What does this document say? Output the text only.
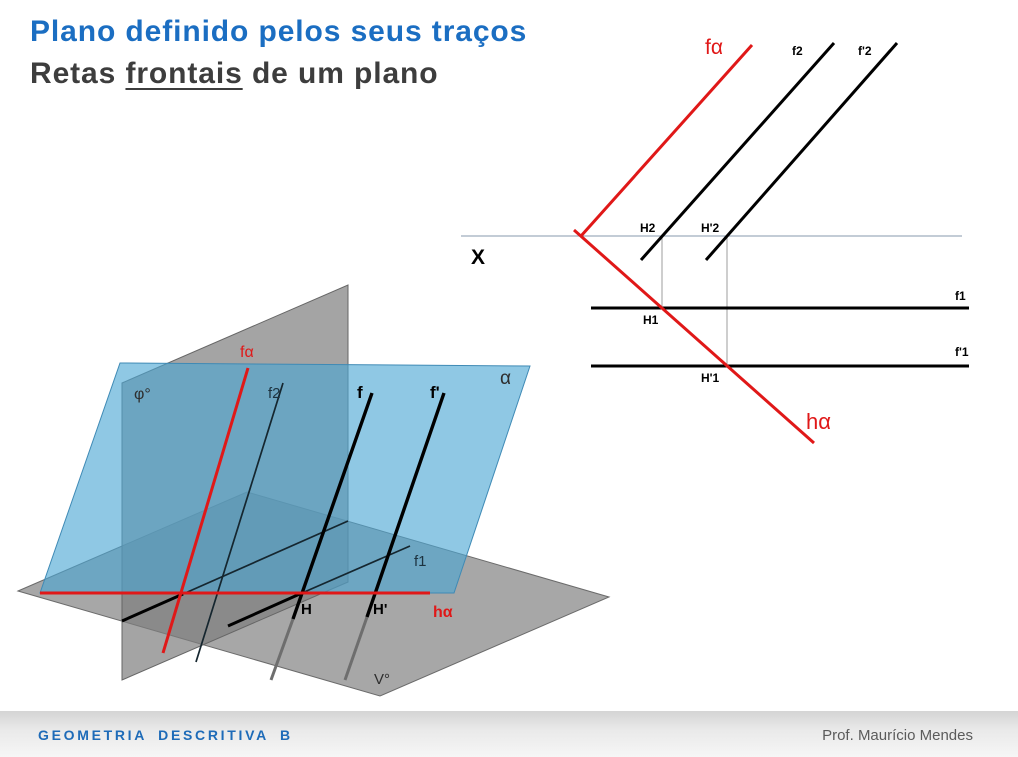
fα
φ°	f2	f	f'
α
f1
H	H'	hα
V°
fα	f2	f'2
H2	H'2
X
f1
H1
f'1
H'1
hα
Plano definido pelos seus traços
Retas frontais de um plano
GEOMETRIA DESCRITIVA B	Prof. Maurício Mendes
